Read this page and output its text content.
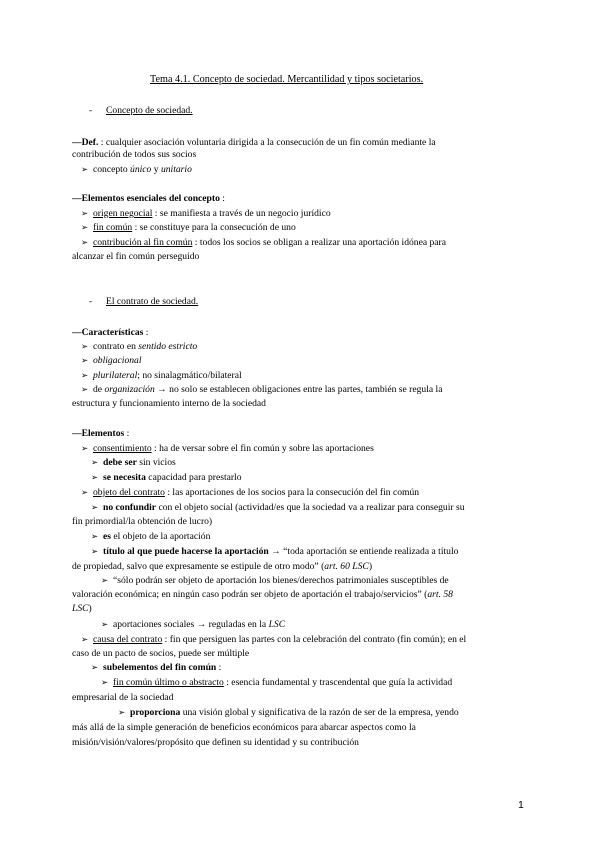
Tema 4.1. Concepto de sociedad. Mercantilidad y tipos societarios.
- Concepto de sociedad.
—Def. : cualquier asociación voluntaria dirigida a la consecución de un fin común mediante la
contribución de todos sus socios
➢ concepto único y unitario
—Elementos esenciales del concepto :
➢ origen negocial : se manifiesta a través de un negocio jurídico
➢ fin común : se constituye para la consecución de uno
➢ contribución al fin común : todos los socios se obligan a realizar una aportación idónea para
alcanzar el fin común perseguido
- El contrato de sociedad.
—Características :
➢ contrato en sentido estricto
➢ obligacional
➢ plurilateral; no sinalagmático/bilateral
➢ de organización → no solo se establecen obligaciones entre las partes, también se regula la
estructura y funcionamiento interno de la sociedad
—Elementos :
➢ consentimiento : ha de versar sobre el fin común y sobre las aportaciones
➢ debe ser sin vicios
➢ se necesita capacidad para prestarlo
➢ objeto del contrato : las aportaciones de los socios para la consecución del fin común
➢ no confundir con el objeto social (actividad/es que la sociedad va a realizar para conseguir su
fin primordial/la obtención de lucro)
➢ es el objeto de la aportación
➢ título al que puede hacerse la aportación → “toda aportación se entiende realizada a título
de propiedad, salvo que expresamente se estipule de otro modo” (art. 60 LSC)
➢ “sólo podrán ser objeto de aportación los bienes/derechos patrimoniales susceptibles de
valoración económica; en ningún caso podrán ser objeto de aportación el trabajo/servicios” (art. 58
LSC)
➢ aportaciones sociales → reguladas en la LSC
➢ causa del contrato : fin que persiguen las partes con la celebración del contrato (fin común); en el
caso de un pacto de socios, puede ser múltiple
➢ subelementos del fin común :
➢ fin común último o abstracto : esencia fundamental y trascendental que guía la actividad
empresarial de la sociedad
➢ proporciona una visión global y significativa de la razón de ser de la empresa, yendo
más allá de la simple generación de beneficios económicos para abarcar aspectos como la
misión/visión/valores/propósito que definen su identidad y su contribución
1
